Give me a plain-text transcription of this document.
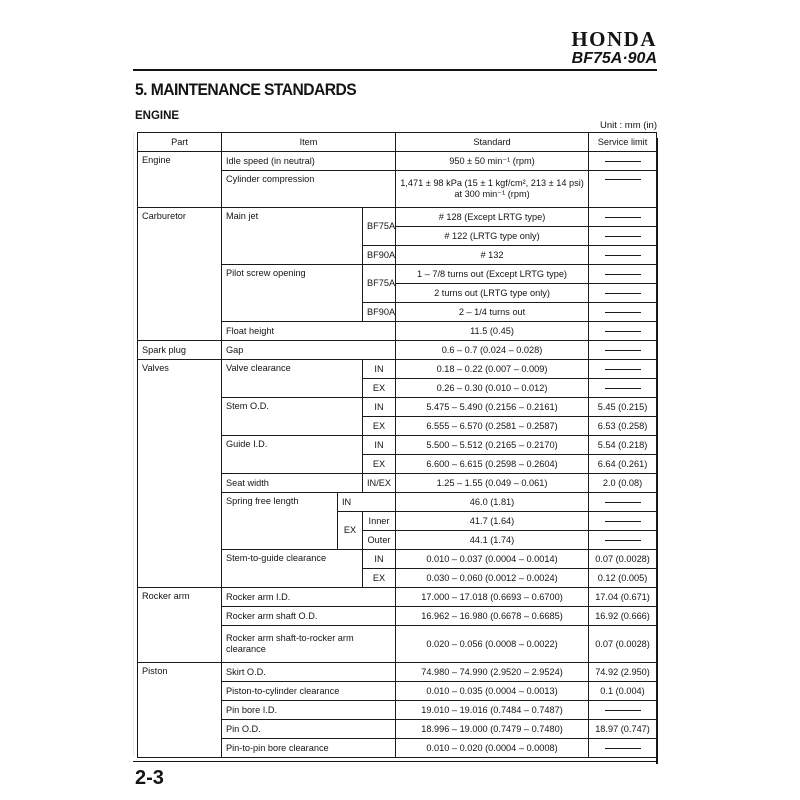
HONDA
BF75A·90A
5. MAINTENANCE STANDARDS
ENGINE
Unit : mm (in)
Part	Item			Standard	Service limit
Engine	Idle speed (in neutral)			950 ± 50 min⁻¹ (rpm)	
	Cylinder compression			1,471 ± 98 kPa (15 ± 1 kgf/cm², 213 ± 14 psi)
at 300 min⁻¹ (rpm)	

Carburetor	Main jet		BF75A	# 128 (Except LRTG type)	
				# 122 (LRTG type only)	
			BF90A	# 132	
	Pilot screw opening		BF75A	1 – 7/8 turns out (Except LRTG type)	
				2 turns out (LRTG type only)	
			BF90A	2 – 1/4 turns out	
	Float height			11.5 (0.45)	
Spark plug	Gap			0.6 – 0.7 (0.024 – 0.028)	
Valves	Valve clearance		IN	0.18 – 0.22 (0.007 – 0.009)	
			EX	0.26 – 0.30 (0.010 – 0.012)	
	Stem O.D.		IN	5.475 – 5.490 (0.2156 – 0.2161)	5.45 (0.215)
			EX	6.555 – 6.570 (0.2581 – 0.2587)	6.53 (0.258)
	Guide I.D.		IN	5.500 – 5.512 (0.2165 – 0.2170)	5.54 (0.218)
			EX	6.600 – 6.615 (0.2598 – 0.2604)	6.64 (0.261)
	Seat width		IN/EX	1.25 – 1.55 (0.049 – 0.061)	2.0 (0.08)
	Spring free length	IN		46.0 (1.81)	
		EX	Inner	41.7 (1.64)	
			Outer	44.1 (1.74)	
	Stem-to-guide clearance		IN	0.010 – 0.037 (0.0004 – 0.0014)	0.07 (0.0028)
			EX	0.030 – 0.060 (0.0012 – 0.0024)	0.12 (0.005)
Rocker arm	Rocker arm I.D.			17.000 – 17.018 (0.6693 – 0.6700)	17.04 (0.671)
	Rocker arm shaft O.D.			16.962 – 16.980 (0.6678 – 0.6685)	16.92 (0.666)

	Rocker arm shaft-to-rocker arm
clearance			0.020 – 0.056 (0.0008 – 0.0022)	0.07 (0.0028)
Piston	Skirt O.D.			74.980 – 74.990 (2.9520 – 2.9524)	74.92 (2.950)
	Piston-to-cylinder clearance			0.010 – 0.035 (0.0004 – 0.0013)	0.1 (0.004)
	Pin bore I.D.			19.010 – 19.016 (0.7484 – 0.7487)	
	Pin O.D.			18.996 – 19.000 (0.7479 – 0.7480)	18.97 (0.747)
	Pin-to-pin bore clearance			0.010 – 0.020 (0.0004 – 0.0008)	
2-3
